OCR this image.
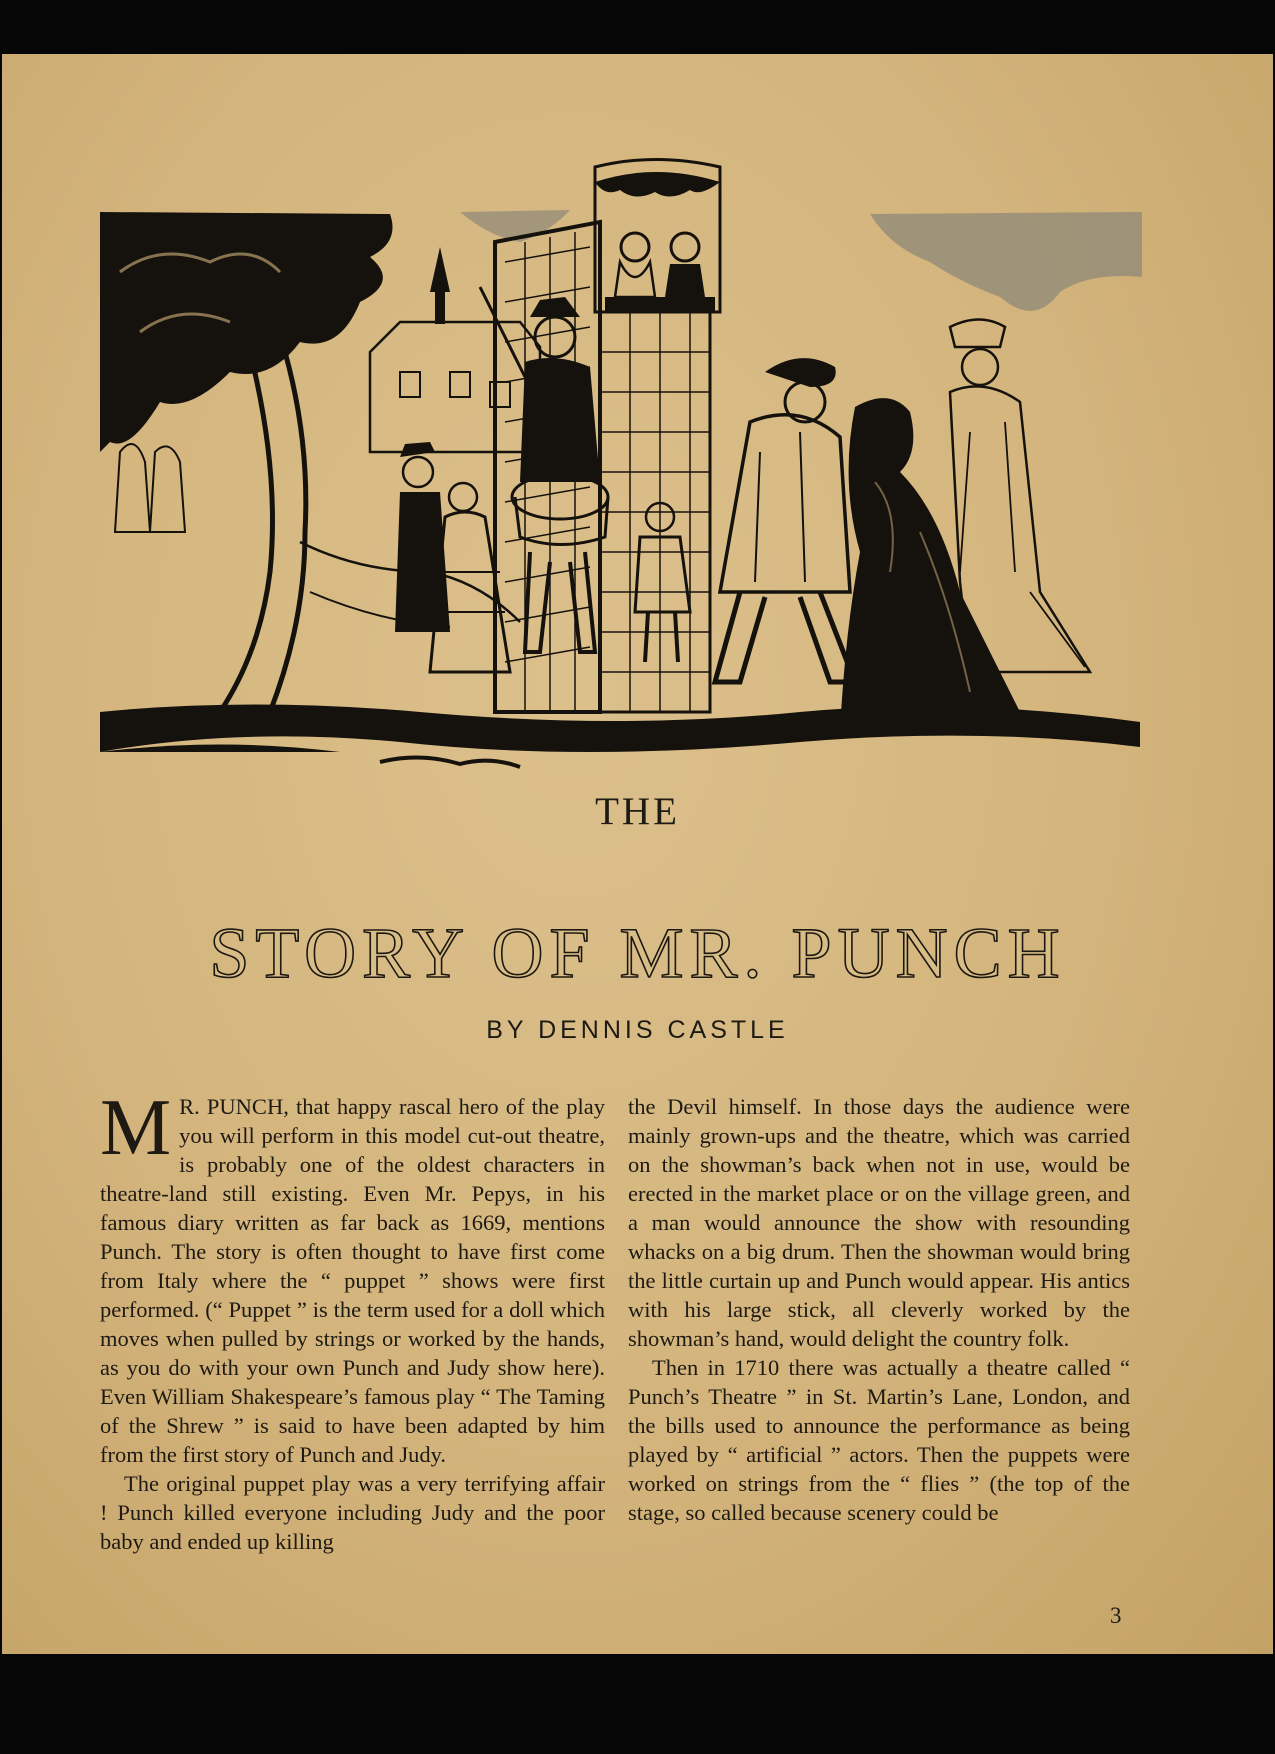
THE
STORY OF MR. PUNCH
BY DENNIS CASTLE

M R. PUNCH, that happy rascal hero of the play you will perform in this model cut-out theatre, is probably one of the oldest characters in theatre-land still existing. Even Mr. Pepys, in his famous diary written as far back as 1669, mentions Punch. The story is often thought to have first come from Italy where the “ puppet ” shows were first performed. (“ Puppet ” is the term used for a doll which moves when pulled by strings or worked by the hands, as you do with your own Punch and Judy show here). Even William Shakespeare’s famous play “ The Taming of the Shrew ” is said to have been adapted by him from the first story of Punch and Judy.

The original puppet play was a very terrifying affair ! Punch killed everyone including Judy and the poor baby and ended up killing

the Devil himself. In those days the audience were mainly grown-ups and the theatre, which was carried on the showman’s back when not in use, would be erected in the market place or on the village green, and a man would announce the show with resounding whacks on a big drum. Then the showman would bring the little curtain up and Punch would appear. His antics with his large stick, all cleverly worked by the showman’s hand, would delight the country folk.

Then in 1710 there was actually a theatre called “ Punch’s Theatre ” in St. Martin’s Lane, London, and the bills used to announce the performance as being played by “ artificial ” actors. Then the puppets were worked on strings from the “ flies ” (the top of the stage, so called because scenery could be

3
